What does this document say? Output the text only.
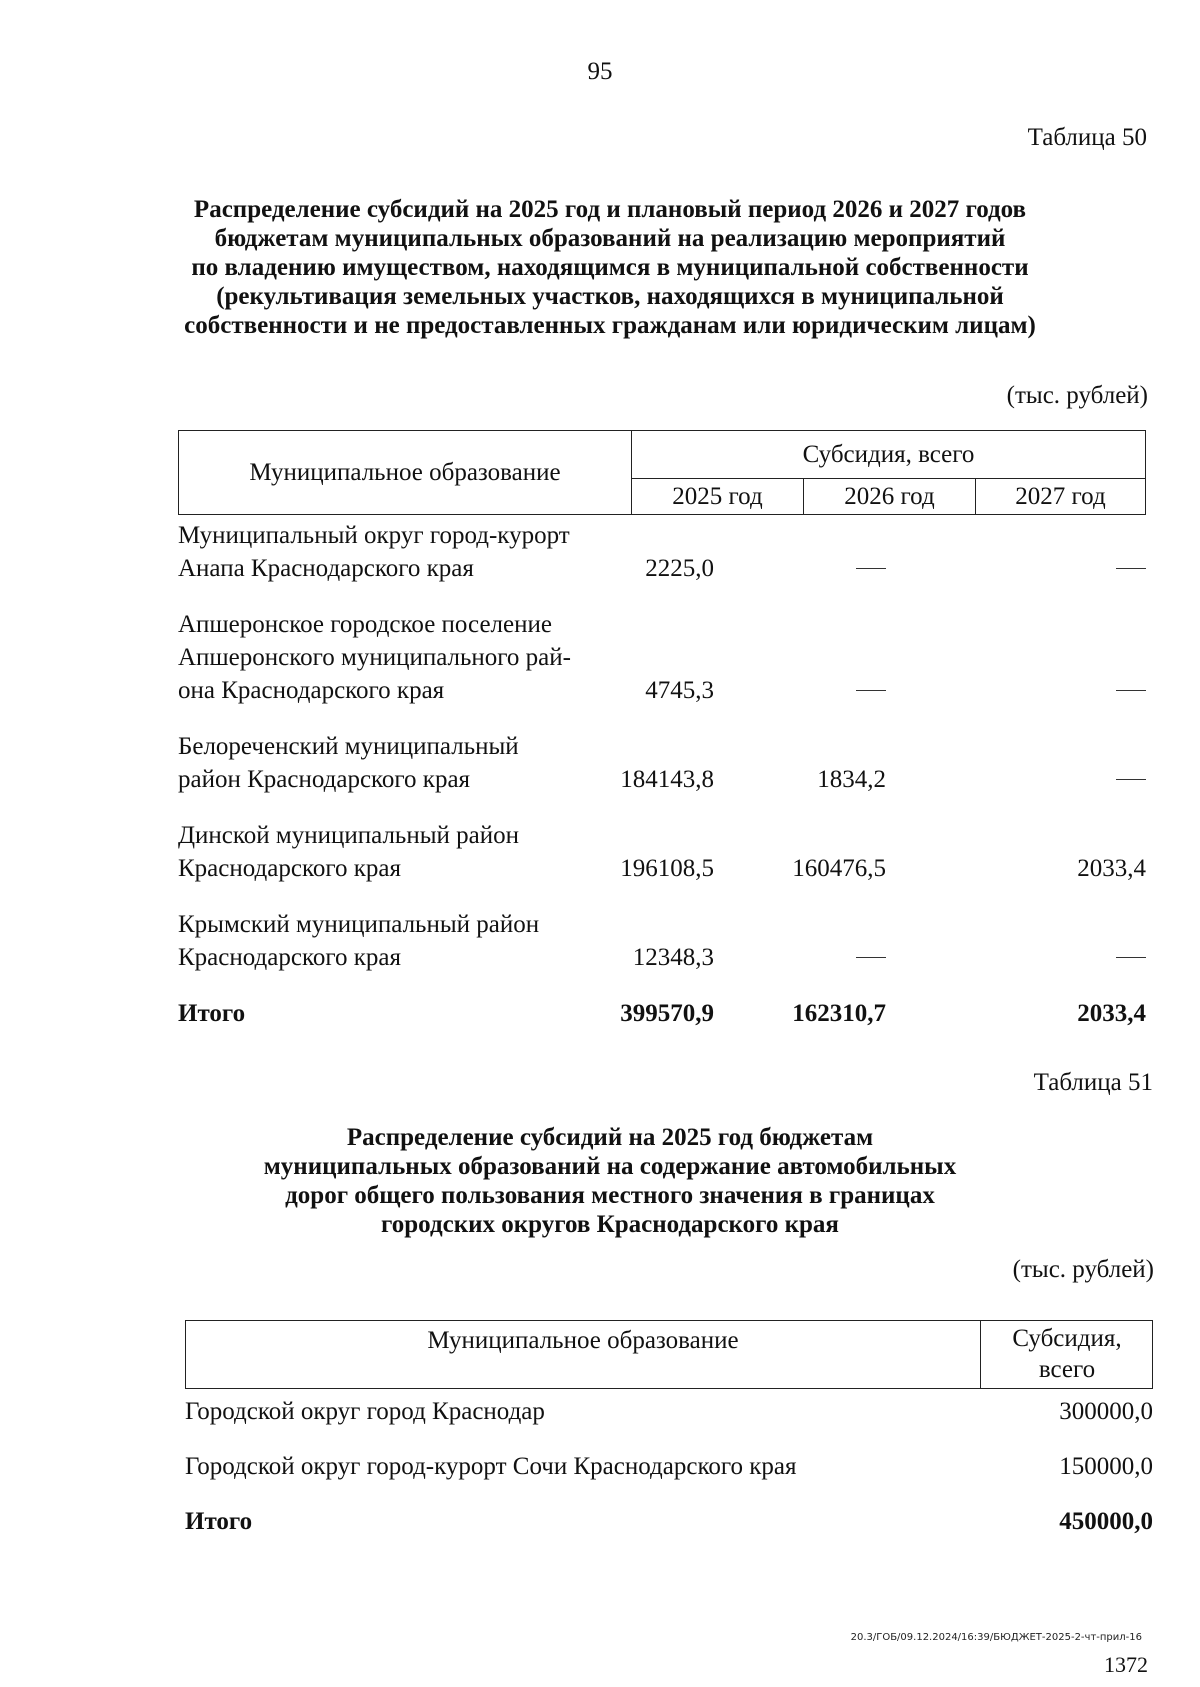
95
Таблица 50
Распределение субсидий на 2025 год и плановый период 2026 и 2027 годов
бюджетам муниципальных образований на реализацию мероприятий
по владению имуществом, находящимся в муниципальной собственности
(рекультивация земельных участков, находящихся в муниципальной
собственности и не предоставленных гражданам или юридическим лицам)
(тыс. рублей)
Муниципальное образование
Субсидия, всего
2025 год	2026 год	2027 год
Муниципальный округ город-курорт
Анапа Краснодарского края	2225,0
Апшеронское городское поселение
Апшеронского муниципального рай-
она Краснодарского края	4745,3
Белореченский муниципальный
район Краснодарского края	184143,8	1834,2
Динской муниципальный район
Краснодарского края	196108,5	160476,5	2033,4
Крымский муниципальный район
Краснодарского края	12348,3
Итого	399570,9	162310,7	2033,4
Таблица 51
Распределение субсидий на 2025 год бюджетам
муниципальных образований на содержание автомобильных
дорог общего пользования местного значения в границах
городских округов Краснодарского края
(тыс. рублей)
Муниципальное образование	Субсидия,
всего
Городской округ город Краснодар	300000,0
Городской округ город-курорт Сочи Краснодарского края	150000,0
Итого	450000,0
20.3/ГОБ/09.12.2024/16:39/БЮДЖЕТ-2025-2-чт-прил-16
1372
